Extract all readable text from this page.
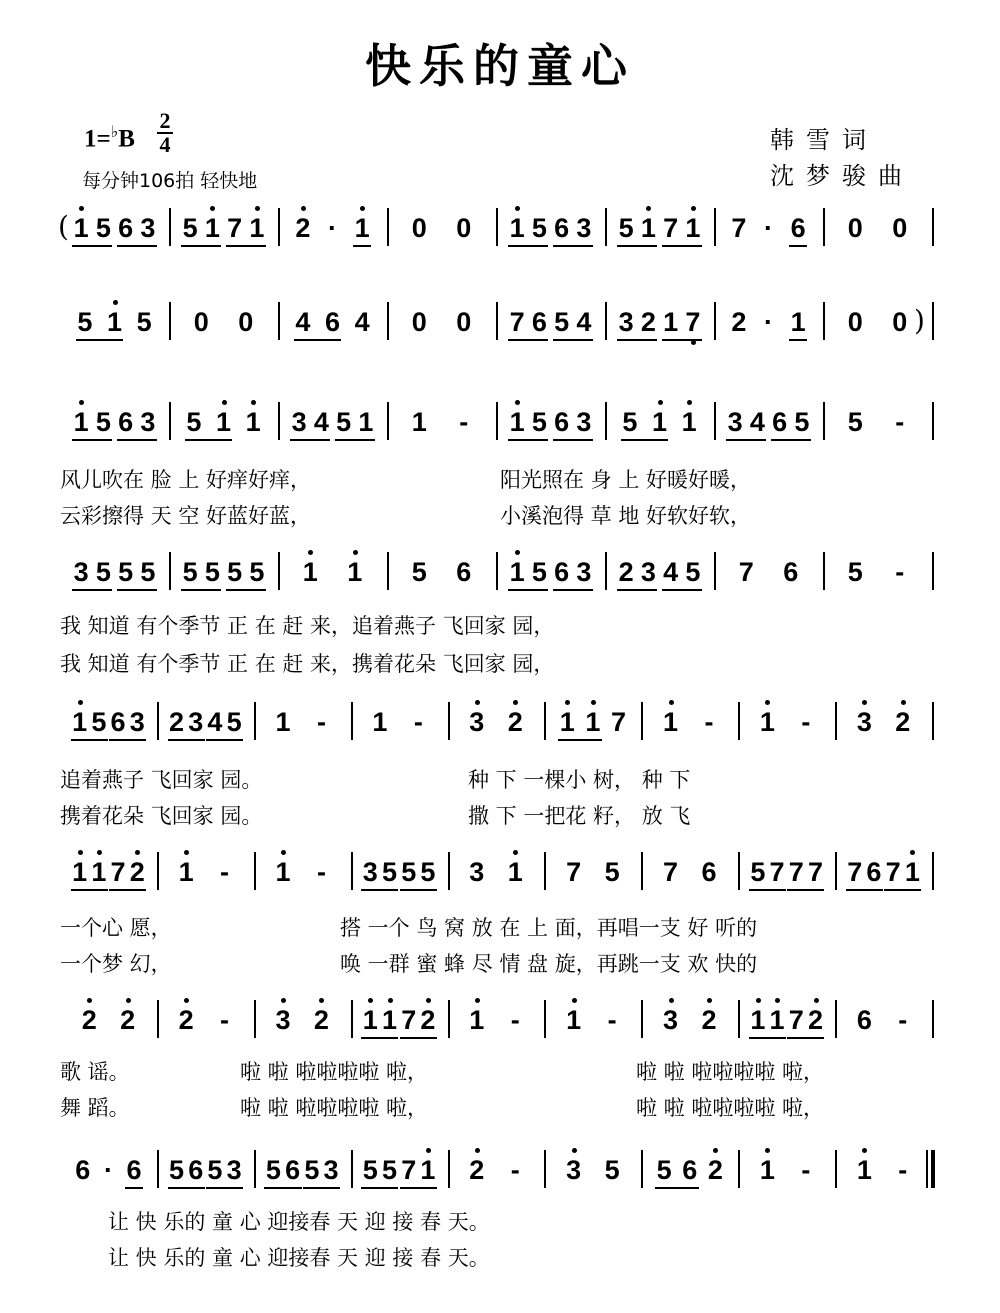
快乐的童心
1=♭B
2
4
每分钟106拍 轻快地
韩雪词
沈梦骏曲
( 1 5 6 3 5 1 7 1 2 · 1 0 0 1 5 6 3 5 1 7 1 7 · 6 0 0
5 1 5 0 0 4 6 4 0 0 7 6 5 4 3 2 1 7 2 · 1 0 0 )
1 5 6 3 5 1 1 3 4 5 1 1 - 1 5 6 3 5 1 1 3 4 6 5 5 -
3 5 5 5 5 5 5 5 1 1 5 6 1 5 6 3 2 3 4 5 7 6 5 -
1 5 6 3 2 3 4 5 1 - 1 - 3 2 1 1 7 1 - 1 - 3 2
1 1 7 2 1 - 1 - 3 5 5 5 3 1 7 5 7 6 5 7 7 7 7 6 7 1
2 2 2 - 3 2 1 1 7 2 1 - 1 - 3 2 1 1 7 2 6 -
6 · 6 5 6 5 3 5 6 5 3 5 5 7 1 2 - 3 5 5 6 2 1 - 1 -
风儿吹在 脸 上 好痒好痒，
云彩擦得 天 空 好蓝好蓝，
阳光照在 身 上 好暖好暖，
小溪泡得 草 地 好软好软，
我 知道 有个季节 正 在 赶 来，追着燕子 飞回家 园，
我 知道 有个季节 正 在 赶 来，携着花朵 飞回家 园，
追着燕子 飞回家 园。
携着花朵 飞回家 园。
种 下 一棵小 树， 种 下
撒 下 一把花 籽， 放 飞
一个心 愿，
一个梦 幻，
搭 一个 鸟 窝 放 在 上 面，再唱一支 好 听的
唤 一群 蜜 蜂 尽 情 盘 旋，再跳一支 欢 快的
歌 谣。
舞 蹈。
啦 啦 啦啦啦啦 啦，
啦 啦 啦啦啦啦 啦，
啦 啦 啦啦啦啦 啦，
啦 啦 啦啦啦啦 啦，
让 快 乐的 童 心 迎接春 天 迎 接 春 天。
让 快 乐的 童 心 迎接春 天 迎 接 春 天。
